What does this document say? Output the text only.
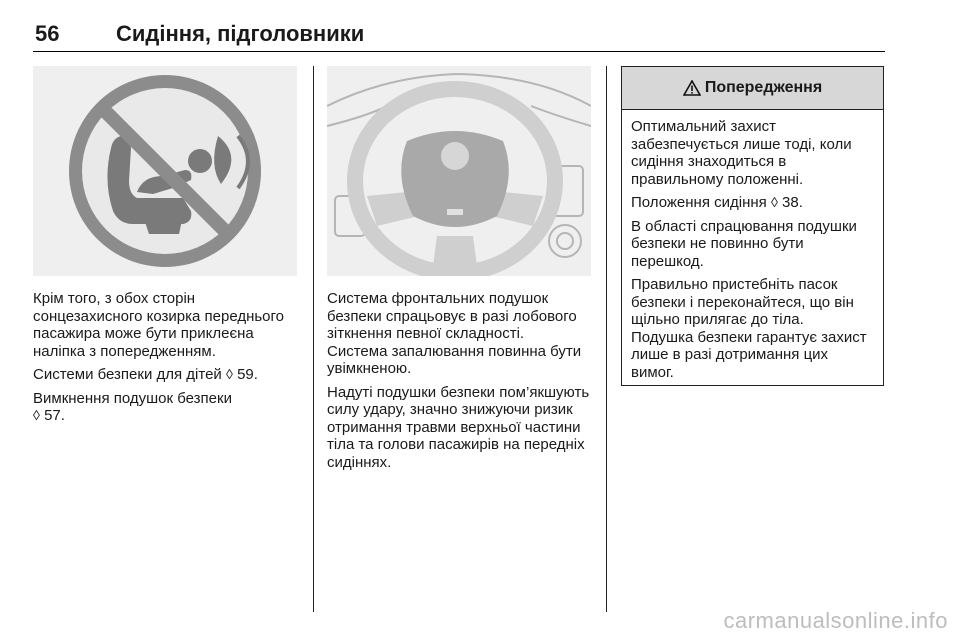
56	Сидіння, підголовники

Крім того, з обох сторін сонцезахисного козирка переднього пасажира може бути приклеєна наліпка з попередженням.

Системи безпеки для дітей ◊ 59.

Вимкнення подушок безпеки
◊ 57.

Система фронтальних подушок безпеки спрацьовує в разі лобового зіткнення певної складності.

Система запалювання повинна бути увімкненою.

Надуті подушки безпеки пом’якшують силу удару, значно знижуючи ризик отримання травми верхньої частини тіла та голови пасажирів на передніх сидіннях.

Попередження

Оптимальний захист забезпечується лише тоді, коли сидіння знаходиться в правильному положенні.

Положення сидіння ◊ 38.

В області спрацювання подушки безпеки не повинно бути перешкод.

Правильно пристебніть пасок безпеки і переконайтеся, що він щільно прилягає до тіла.

Подушка безпеки гарантує захист лише в разі дотримання цих вимог.

carmanualsonline.info
